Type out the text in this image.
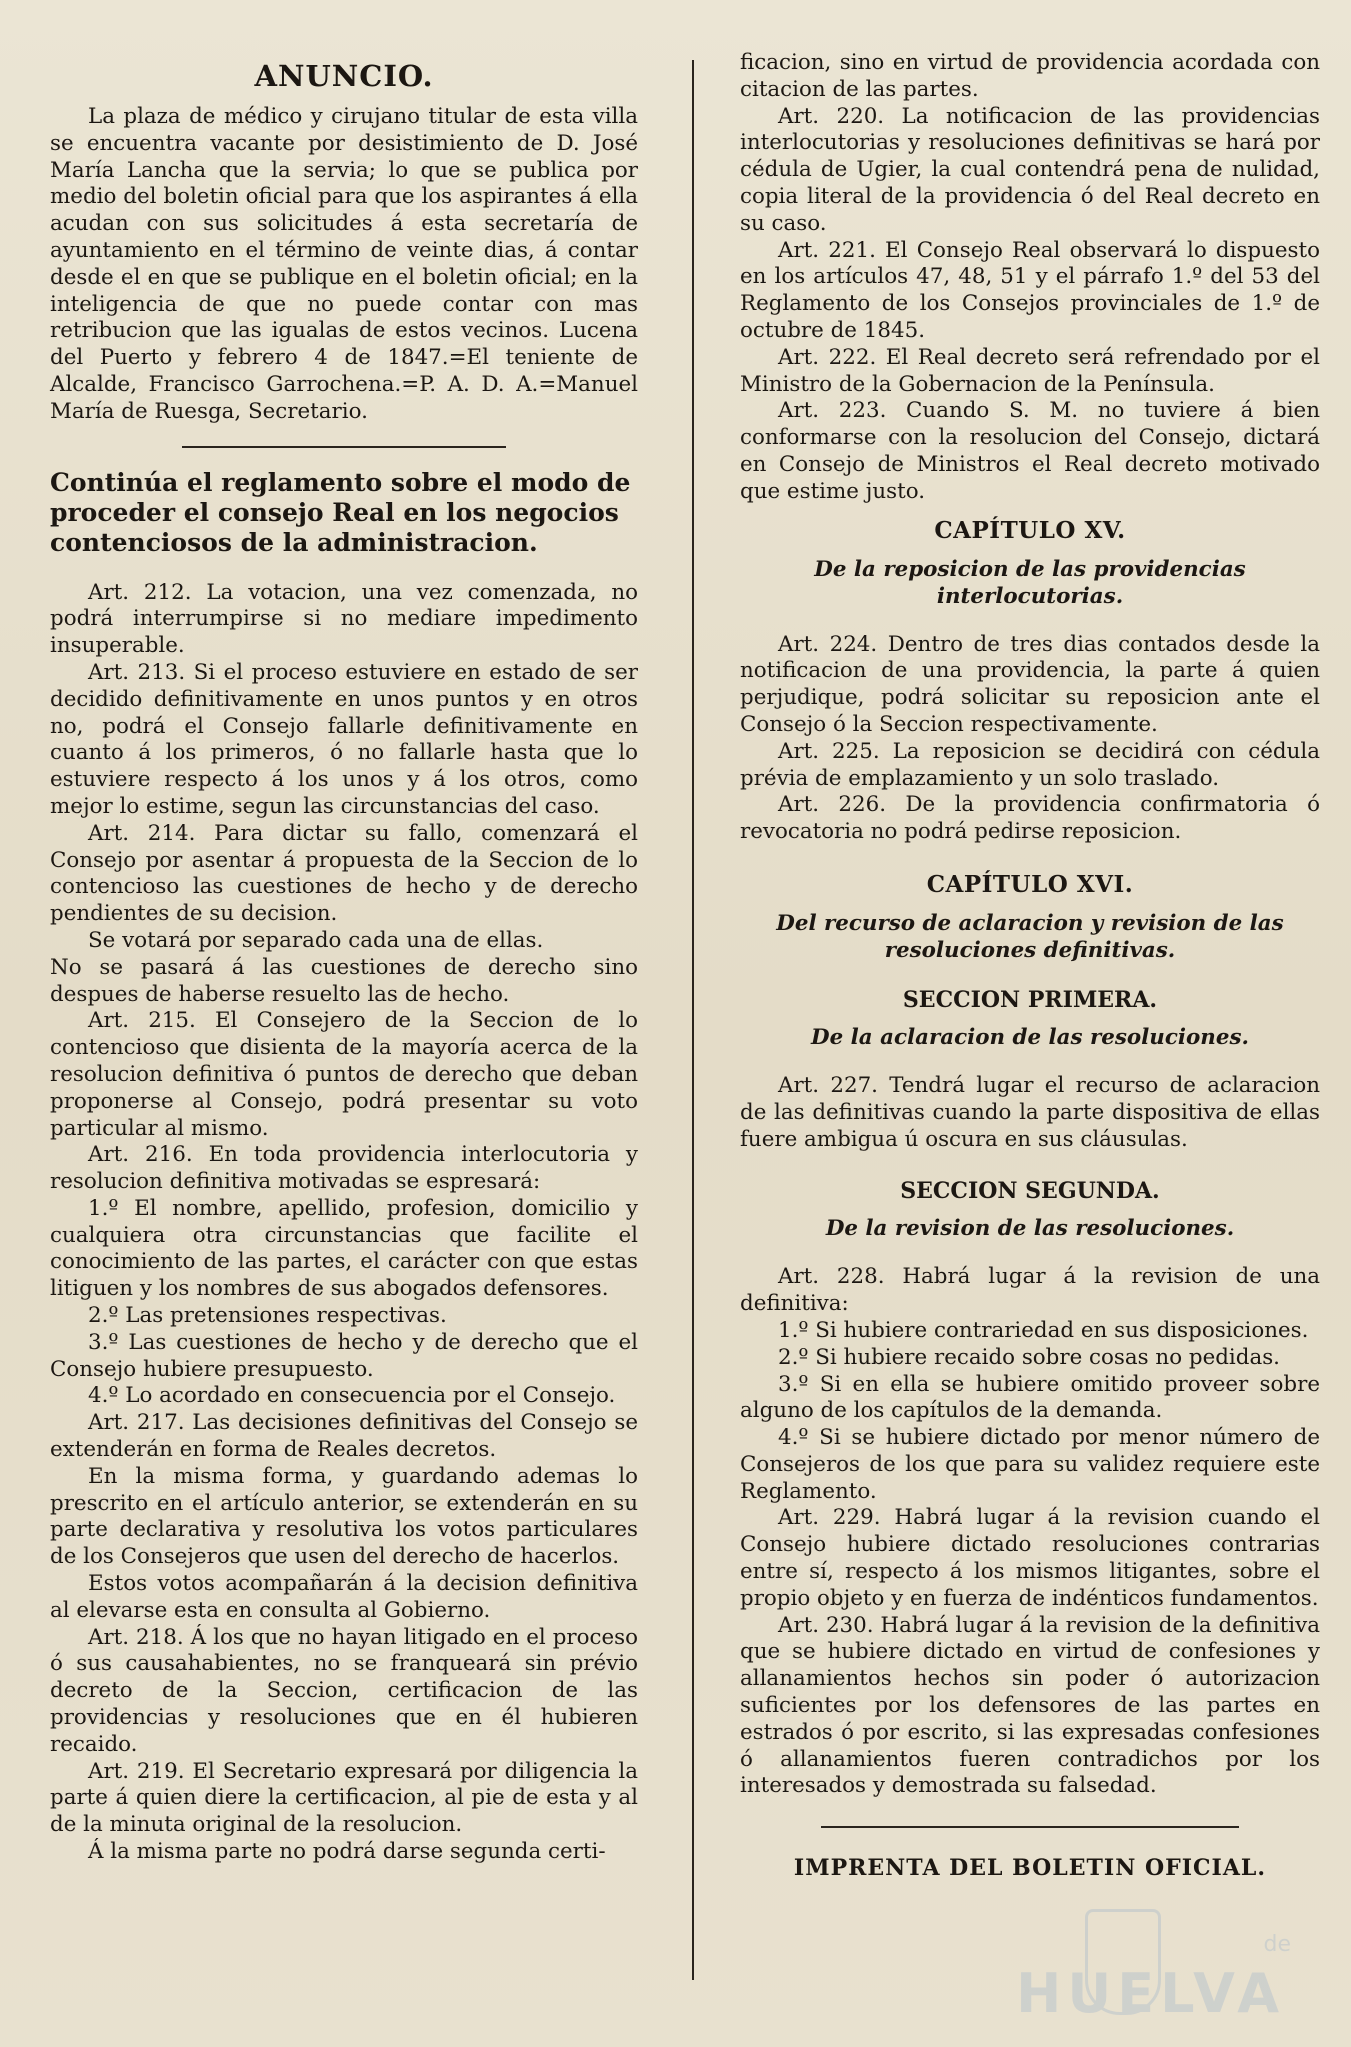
ANUNCIO.

La plaza de médico y cirujano titular de esta villa se encuentra vacante por desistimiento de D. José María Lancha que la servia; lo que se publica por medio del boletin oficial para que los aspirantes á ella acudan con sus solicitudes á esta secretaría de ayuntamiento en el término de veinte dias, á contar desde el en que se publique en el boletin oficial; en la inteligencia de que no puede contar con mas retribucion que las igualas de estos vecinos. Lucena del Puerto y febrero 4 de 1847.=El teniente de Alcalde, Francisco Garrochena.=P. A. D. A.=Manuel María de Ruesga, Secretario.

Continúa el reglamento sobre el modo de proceder el consejo Real en los negocios contenciosos de la administracion.

Art. 212. La votacion, una vez comenzada, no podrá interrumpirse si no mediare impedimento insuperable.

Art. 213. Si el proceso estuviere en estado de ser decidido definitivamente en unos puntos y en otros no, podrá el Consejo fallarle definitivamente en cuanto á los primeros, ó no fallarle hasta que lo estuviere respecto á los unos y á los otros, como mejor lo estime, segun las circunstancias del caso.

Art. 214. Para dictar su fallo, comenzará el Consejo por asentar á propuesta de la Seccion de lo contencioso las cuestiones de hecho y de derecho pendientes de su decision.

Se votará por separado cada una de ellas.

No se pasará á las cuestiones de derecho sino despues de haberse resuelto las de hecho.

Art. 215. El Consejero de la Seccion de lo contencioso que disienta de la mayoría acerca de la resolucion definitiva ó puntos de derecho que deban proponerse al Consejo, podrá presentar su voto particular al mismo.

Art. 216. En toda providencia interlocutoria y resolucion definitiva motivadas se espresará:

1.º El nombre, apellido, profesion, domicilio y cualquiera otra circunstancias que facilite el conocimiento de las partes, el carácter con que estas litiguen y los nombres de sus abogados defensores.

2.º Las pretensiones respectivas.

3.º Las cuestiones de hecho y de derecho que el Consejo hubiere presupuesto.

4.º Lo acordado en consecuencia por el Consejo.

Art. 217. Las decisiones definitivas del Consejo se extenderán en forma de Reales decretos.

En la misma forma, y guardando ademas lo prescrito en el artículo anterior, se extenderán en su parte declarativa y resolutiva los votos particulares de los Consejeros que usen del derecho de hacerlos.

Estos votos acompañarán á la decision definitiva al elevarse esta en consulta al Gobierno.

Art. 218. Á los que no hayan litigado en el proceso ó sus causahabientes, no se franqueará sin prévio decreto de la Seccion, certificacion de las providencias y resoluciones que en él hubieren recaido.

Art. 219. El Secretario expresará por diligencia la parte á quien diere la certificacion, al pie de esta y al de la minuta original de la resolucion.

Á la misma parte no podrá darse segunda certi-

ficacion, sino en virtud de providencia acordada con citacion de las partes.

Art. 220. La notificacion de las providencias interlocutorias y resoluciones definitivas se hará por cédula de Ugier, la cual contendrá pena de nulidad, copia literal de la providencia ó del Real decreto en su caso.

Art. 221. El Consejo Real observará lo dispuesto en los artículos 47, 48, 51 y el párrafo 1.º del 53 del Reglamento de los Consejos provinciales de 1.º de octubre de 1845.

Art. 222. El Real decreto será refrendado por el Ministro de la Gobernacion de la Península.

Art. 223. Cuando S. M. no tuviere á bien conformarse con la resolucion del Consejo, dictará en Consejo de Ministros el Real decreto motivado que estime justo.

CAPÍTULO XV.

De la reposicion de las providencias interlocutorias.

Art. 224. Dentro de tres dias contados desde la notificacion de una providencia, la parte á quien perjudique, podrá solicitar su reposicion ante el Consejo ó la Seccion respectivamente.

Art. 225. La reposicion se decidirá con cédula prévia de emplazamiento y un solo traslado.

Art. 226. De la providencia confirmatoria ó revocatoria no podrá pedirse reposicion.

CAPÍTULO XVI.

Del recurso de aclaracion y revision de las resoluciones definitivas.

SECCION PRIMERA.

De la aclaracion de las resoluciones.

Art. 227. Tendrá lugar el recurso de aclaracion de las definitivas cuando la parte dispositiva de ellas fuere ambigua ú oscura en sus cláusulas.

SECCION SEGUNDA.

De la revision de las resoluciones.

Art. 228. Habrá lugar á la revision de una definitiva:

1.º Si hubiere contrariedad en sus disposiciones.

2.º Si hubiere recaido sobre cosas no pedidas.

3.º Si en ella se hubiere omitido proveer sobre alguno de los capítulos de la demanda.

4.º Si se hubiere dictado por menor número de Consejeros de los que para su validez requiere este Reglamento.

Art. 229. Habrá lugar á la revision cuando el Consejo hubiere dictado resoluciones contrarias entre sí, respecto á los mismos litigantes, sobre el propio objeto y en fuerza de indénticos fundamentos.

Art. 230. Habrá lugar á la revision de la definitiva que se hubiere dictado en virtud de confesiones y allanamientos hechos sin poder ó autorizacion suficientes por los defensores de las partes en estrados ó por escrito, si las expresadas confesiones ó allanamientos fueren contradichos por los interesados y demostrada su falsedad.

IMPRENTA DEL BOLETIN OFICIAL.

de
HUELVA
